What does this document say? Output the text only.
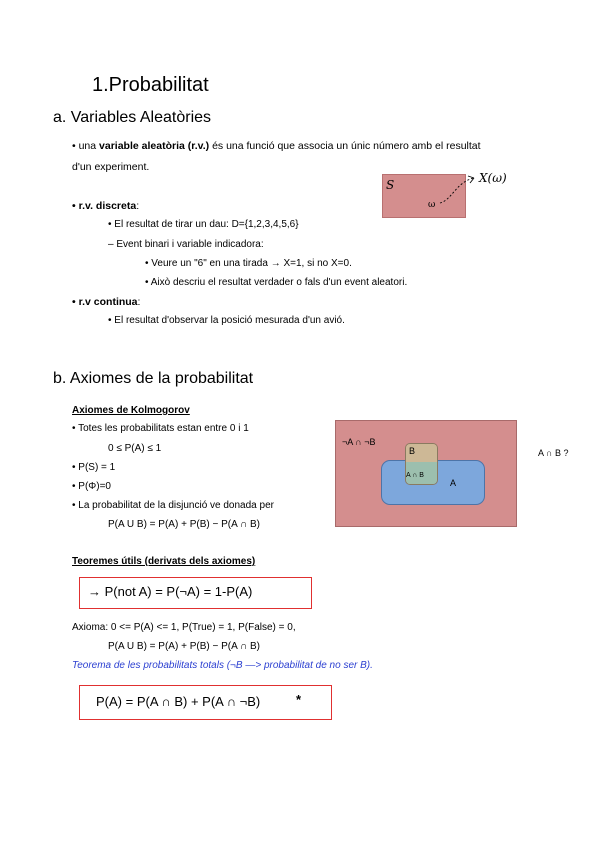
1.Probabilitat
a. Variables Aleatòries
• una variable aleatòria (r.v.) és una funció que associa un únic número amb el resultat
d'un experiment.
S
ω
X(ω)
• r.v. discreta:
• El resultat de tirar un dau: D={1,2,3,4,5,6}
– Event binari i variable indicadora:
• Veure un "6" en una tirada → X=1, si no X=0.
• Això descriu el resultat verdader o fals d'un event aleatori.
• r.v continua:
• El resultat d'observar la posició mesurada d'un avió.
b. Axiomes de la probabilitat
Axiomes de Kolmogorov
• Totes les probabilitats estan entre 0 i 1
0 ≤ P(A) ≤ 1
• P(S) = 1
• P(Φ)=0
• La probabilitat de la disjunció ve donada per
P(A U B) = P(A) + P(B) − P(A ∩ B)
¬A ∩ ¬B
B
A ∩ B
A
A ∩ B ?
Teoremes útils (derivats dels axiomes)
→ P(not A) = P(¬A) = 1-P(A)
Axioma: 0 <= P(A) <= 1, P(True) = 1, P(False) = 0,
P(A U B) = P(A) + P(B) − P(A ∩ B)
Teorema de les probabilitats totals (¬B —> probabilitat de no ser B).
P(A) = P(A ∩ B) + P(A ∩ ¬B)	*
